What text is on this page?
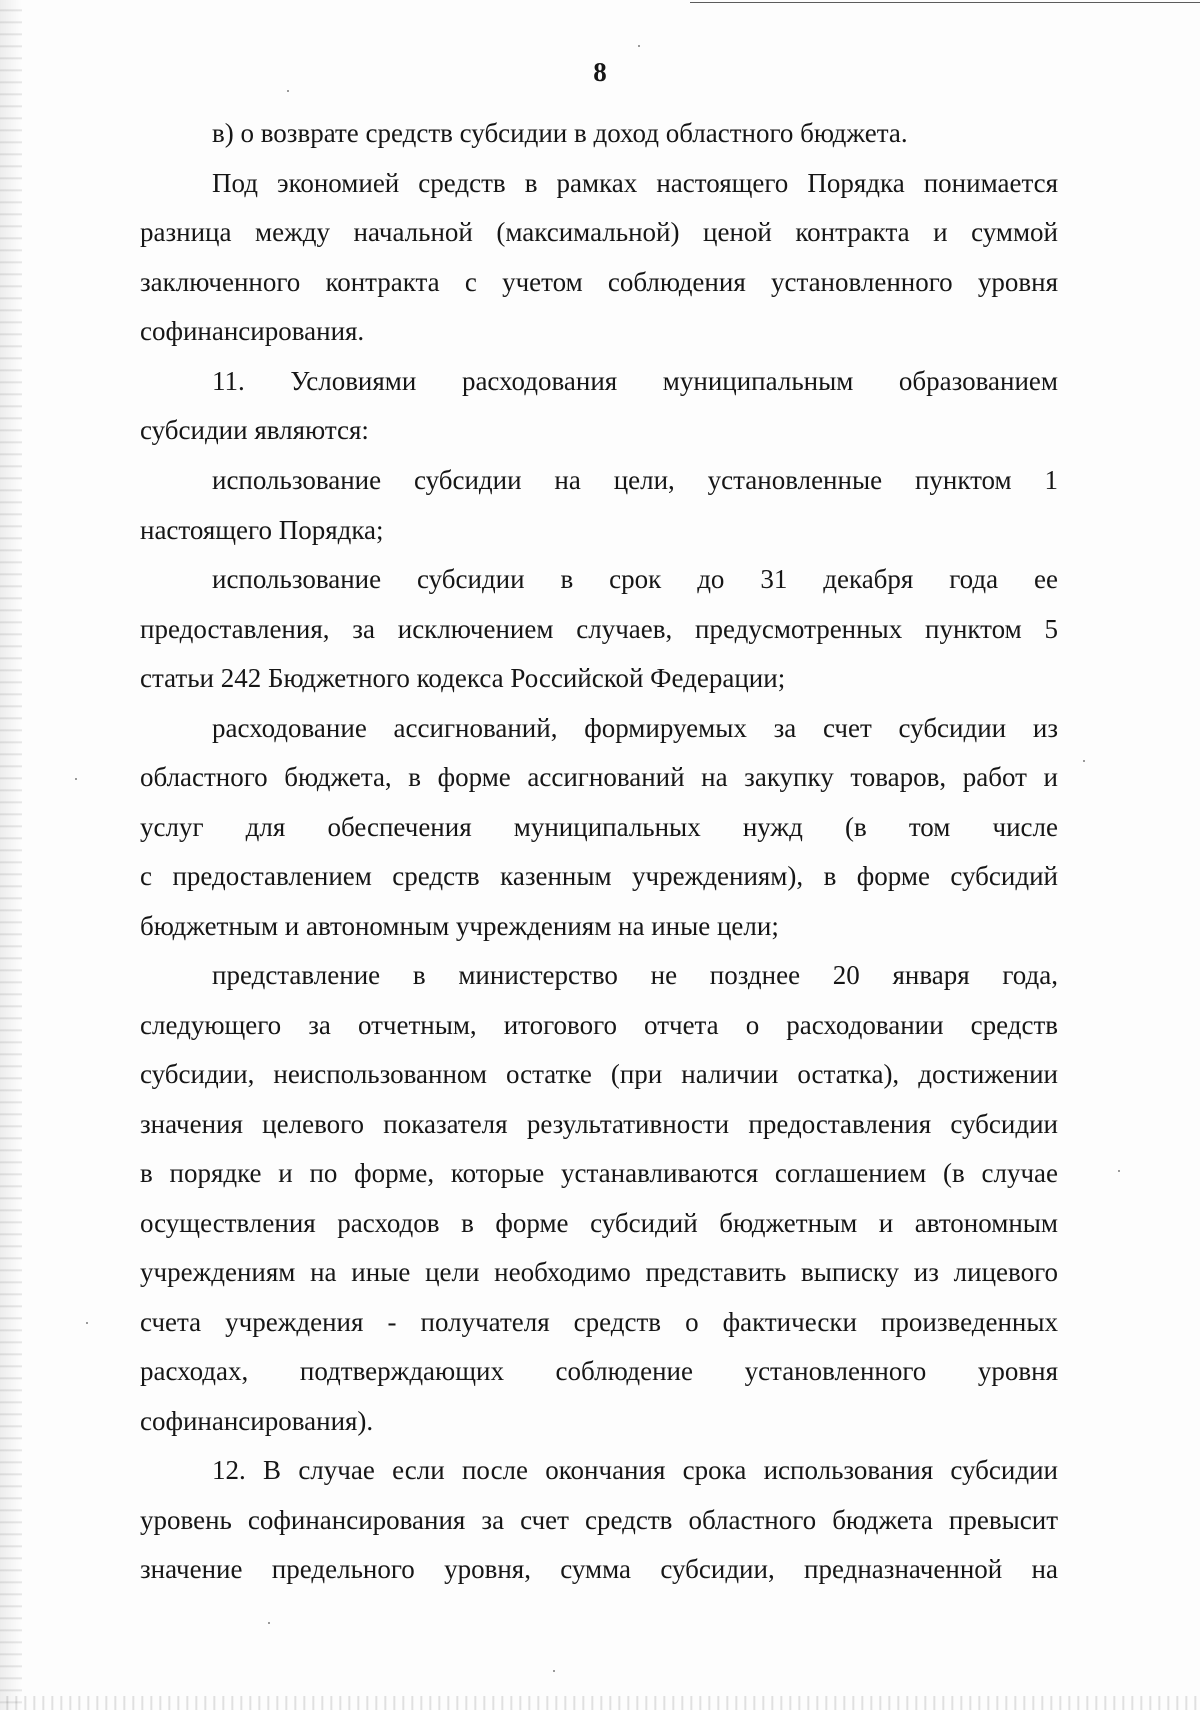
8
в) о возврате средств субсидии в доход областного бюджета.
Под экономией средств в рамках настоящего Порядка понимается
разница между начальной (максимальной) ценой контракта и суммой
заключенного контракта с учетом соблюдения установленного уровня
софинансирования.
11. Условиями расходования муниципальным образованием
субсидии являются:
использование субсидии на цели, установленные пунктом 1
настоящего Порядка;
использование субсидии в срок до 31 декабря года ее
предоставления, за исключением случаев, предусмотренных пунктом 5
статьи 242 Бюджетного кодекса Российской Федерации;
расходование ассигнований, формируемых за счет субсидии из
областного бюджета, в форме ассигнований на закупку товаров, работ и
услуг для обеспечения муниципальных нужд (в том числе
с предоставлением средств казенным учреждениям), в форме субсидий
бюджетным и автономным учреждениям на иные цели;
представление в министерство не позднее 20 января года,
следующего за отчетным, итогового отчета о расходовании средств
субсидии, неиспользованном остатке (при наличии остатка), достижении
значения целевого показателя результативности предоставления субсидии
в порядке и по форме, которые устанавливаются соглашением (в случае
осуществления расходов в форме субсидий бюджетным и автономным
учреждениям на иные цели необходимо представить выписку из лицевого
счета учреждения - получателя средств о фактически произведенных
расходах, подтверждающих соблюдение установленного уровня
софинансирования).
12. В случае если после окончания срока использования субсидии
уровень софинансирования за счет средств областного бюджета превысит
значение предельного уровня, сумма субсидии, предназначенной на
